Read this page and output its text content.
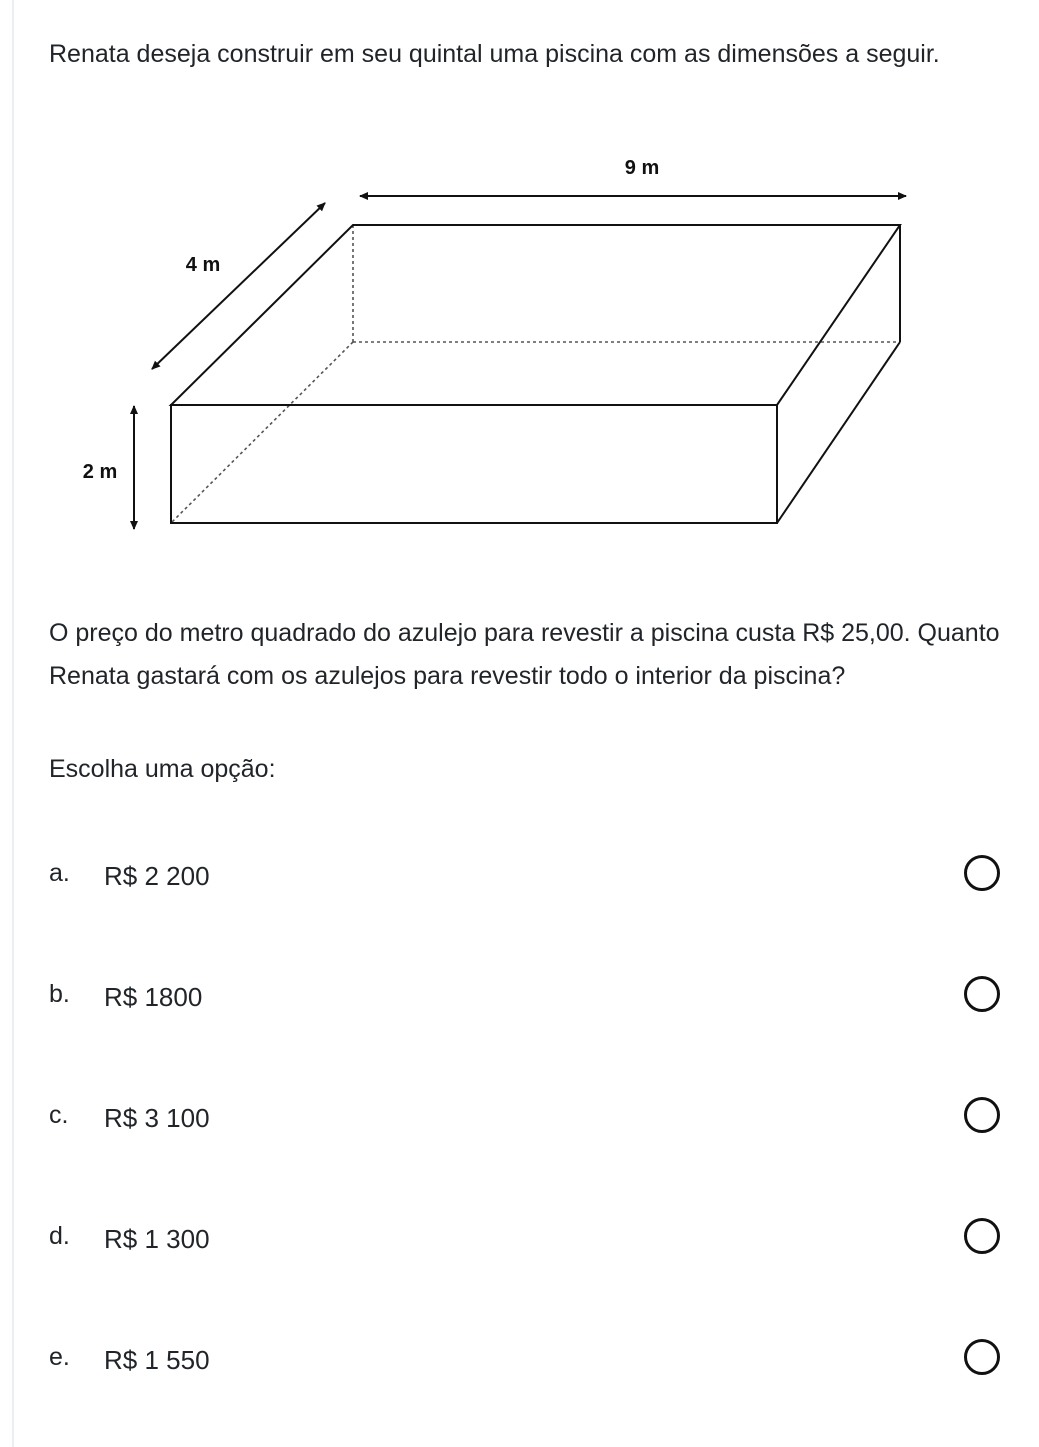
Renata deseja construir em seu quintal uma piscina com as dimensões a seguir.

9 m
4 m
2 m

O preço do metro quadrado do azulejo para revestir a piscina custa R$ 25,00. Quanto Renata gastará com os azulejos para revestir todo o interior da piscina?

Escolha uma opção:

a. R$ 2 200
b. R$ 1800
c. R$ 3 100
d. R$ 1 300
e. R$ 1 550
